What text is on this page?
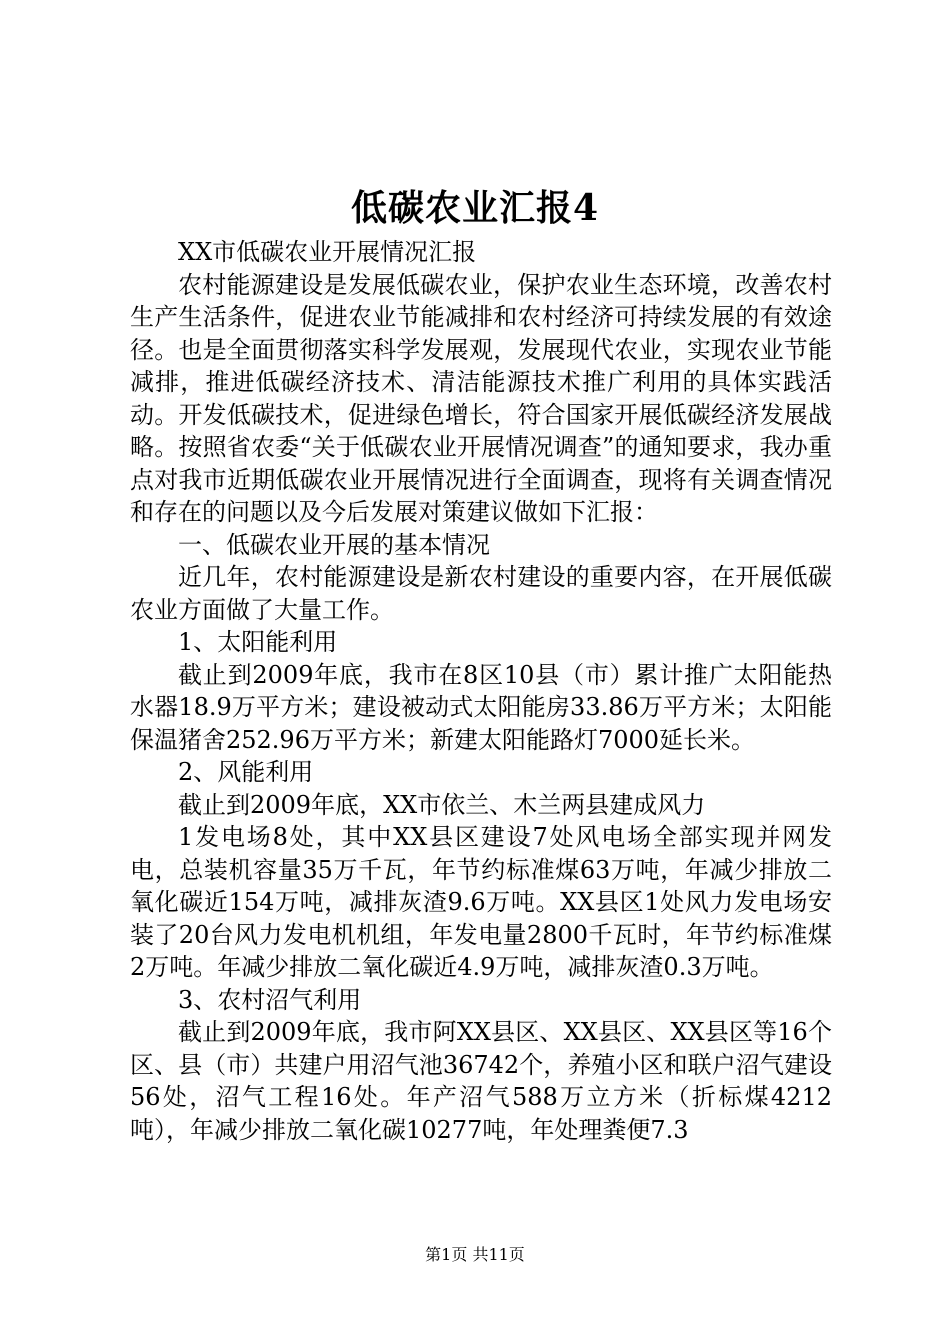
低碳农业汇报4

XX市低碳农业开展情况汇报

农村能源建设是发展低碳农业，保护农业生态环境，改善农村生产生活条件，促进农业节能减排和农村经济可持续发展的有效途径。也是全面贯彻落实科学发展观，发展现代农业，实现农业节能减排，推进低碳经济技术、清洁能源技术推广利用的具体实践活动。开发低碳技术，促进绿色增长，符合国家开展低碳经济发展战略。按照省农委“关于低碳农业开展情况调查”的通知要求，我办重点对我市近期低碳农业开展情况进行全面调查，现将有关调查情况和存在的问题以及今后发展对策建议做如下汇报：

一、低碳农业开展的基本情况

近几年，农村能源建设是新农村建设的重要内容，在开展低碳农业方面做了大量工作。

1、太阳能利用

截止到2009年底，我市在8区10县（市）累计推广太阳能热水器18.9万平方米；建设被动式太阳能房33.86万平方米；太阳能保温猪舍252.96万平方米；新建太阳能路灯7000延长米。

2、风能利用

截止到2009年底，XX市依兰、木兰两县建成风力

1发电场8处，其中XX县区建设7处风电场全部实现并网发电，总装机容量35万千瓦，年节约标准煤63万吨，年减少排放二氧化碳近154万吨，减排灰渣9.6万吨。XX县区1处风力发电场安装了20台风力发电机机组，年发电量2800千瓦时，年节约标准煤2万吨。年减少排放二氧化碳近4.9万吨，减排灰渣0.3万吨。

3、农村沼气利用

截止到2009年底，我市阿XX县区、XX县区、XX县区等16个区、县（市）共建户用沼气池36742个，养殖小区和联户沼气建设56处，沼气工程16处。年产沼气588万立方米（折标煤4212吨），年减少排放二氧化碳10277吨，年处理粪便7.3

第1页 共11页
